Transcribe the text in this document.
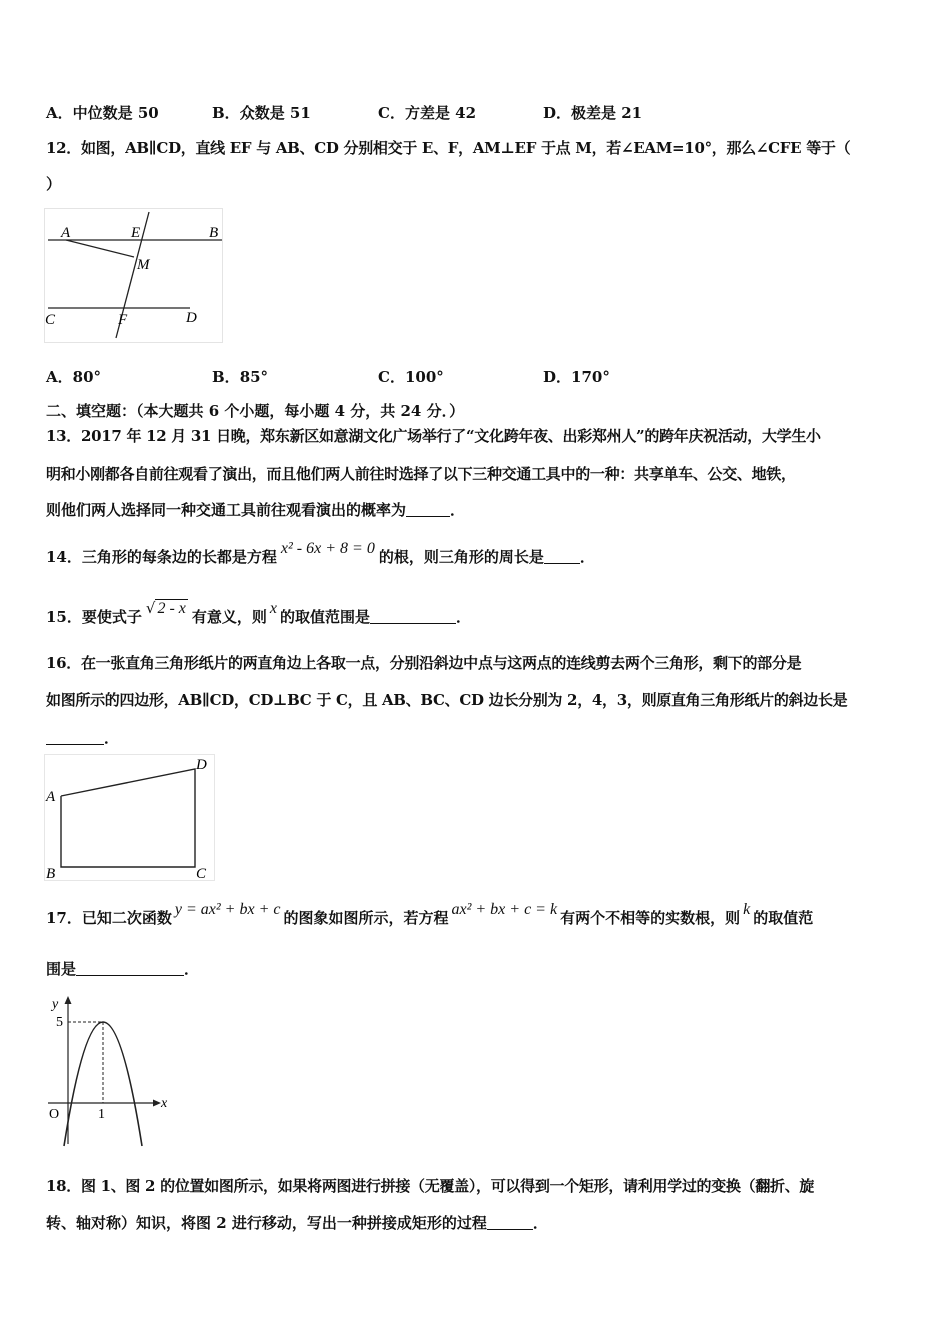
A．中位数是 50	B．众数是 51	C．方差是 42	D．极差是 21
12．如图，AB∥CD，直线 EF 与 AB、CD 分别相交于 E、F，AM⊥EF 于点 M，若∠EAM=10°，那么∠CFE 等于（
）
A	E	B
M
C	F	D
A．80°	B．85°	C．100°	D．170°
二、填空题：（本大题共 6 个小题，每小题 4 分，共 24 分．）
13．2017 年 12 月 31 日晚，郑东新区如意湖文化广场举行了“文化跨年夜、出彩郑州人”的跨年庆祝活动，大学生小
明和小刚都各自前往观看了演出，而且他们两人前往时选择了以下三种交通工具中的一种：共享单车、公交、地铁，
则他们两人选择同一种交通工具前往观看演出的概率为	．
14．三角形的每条边的长都是方程 x² - 6x + 8 = 0 的根，则三角形的周长是 ．
15．要使式子 √ 2 - x 有意义，则 x 的取值范围是	．
16．在一张直角三角形纸片的两直角边上各取一点，分别沿斜边中点与这两点的连线剪去两个三角形，剩下的部分是
如图所示的四边形，AB∥CD，CD⊥BC 于 C，且 AB、BC、CD 边长分别为 2，4，3，则原直角三角形纸片的斜边长是
．
A
B	C
D
17．已知二次函数 y = ax² + bx + c 的图象如图所示，若方程 ax² + bx + c = k 有两个不相等的实数根，则 k 的取值范
围是	．
y
5
x
O	1
18．图 1、图 2 的位置如图所示，如果将两图进行拼接（无覆盖），可以得到一个矩形，请利用学过的变换（翻折、旋
转、轴对称）知识，将图 2 进行移动，写出一种拼接成矩形的过程	．
